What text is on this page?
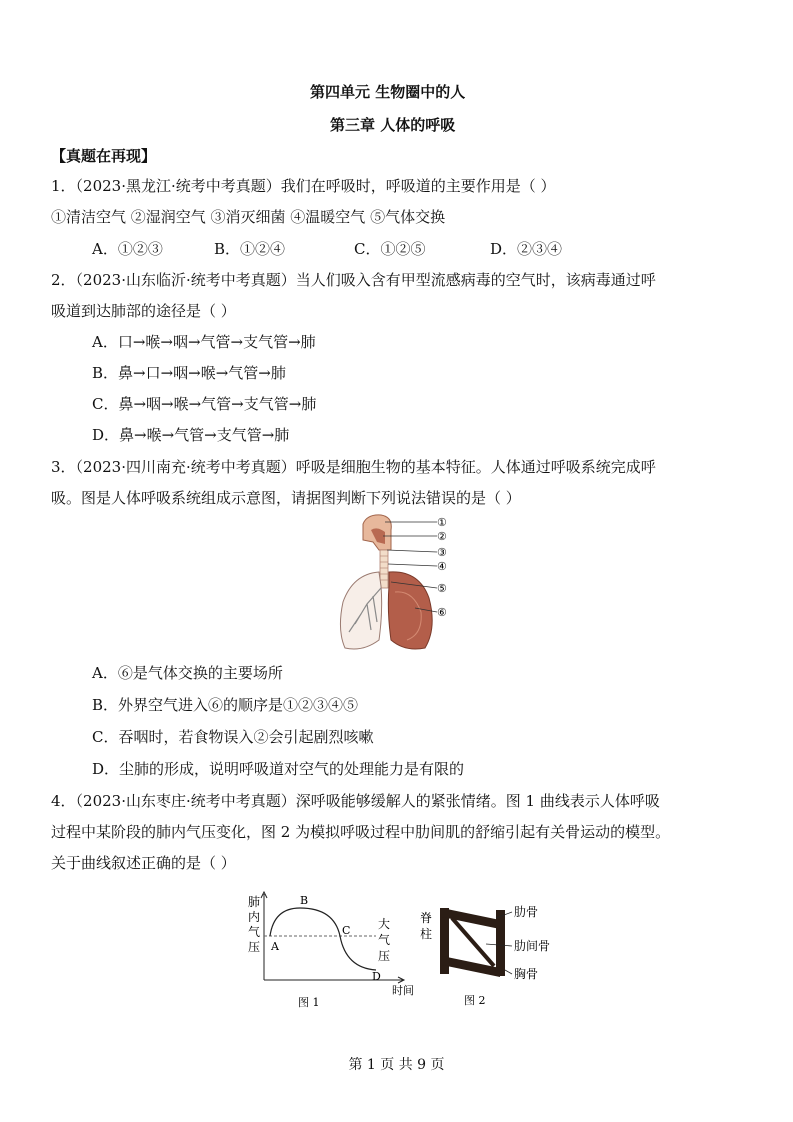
第四单元 生物圈中的人
第三章 人体的呼吸
【真题在再现】
1．（2023·黑龙江·统考中考真题）我们在呼吸时，呼吸道的主要作用是（ ）
①清洁空气 ②湿润空气 ③消灭细菌 ④温暖空气 ⑤气体交换
A．①②③	B．①②④	C．①②⑤	D．②③④
2．（2023·山东临沂·统考中考真题）当人们吸入含有甲型流感病毒的空气时，该病毒通过呼
吸道到达肺部的途径是（ ）
A．口→喉→咽→气管→支气管→肺
B．鼻→口→咽→喉→气管→肺
C．鼻→咽→喉→气管→支气管→肺
D．鼻→喉→气管→支气管→肺
3．（2023·四川南充·统考中考真题）呼吸是细胞生物的基本特征。人体通过呼吸系统完成呼
吸。图是人体呼吸系统组成示意图，请据图判断下列说法错误的是（ ）
①
②
③
④
⑤
⑥
A．⑥是气体交换的主要场所
B．外界空气进入⑥的顺序是①②③④⑤
C．吞咽时，若食物误入②会引起剧烈咳嗽
D．尘肺的形成，说明呼吸道对空气的处理能力是有限的
4．（2023·山东枣庄·统考中考真题）深呼吸能够缓解人的紧张情绪。图 1 曲线表示人体呼吸
过程中某阶段的肺内气压变化，图 2 为模拟呼吸过程中肋间肌的舒缩引起有关骨运动的模型。
关于曲线叙述正确的是（ ）
肺
内
气
压 A
B
C
D
大
气
压
时间
图 1
脊
柱
肋骨
肋间骨
胸骨
图 2
第 1 页 共 9 页
